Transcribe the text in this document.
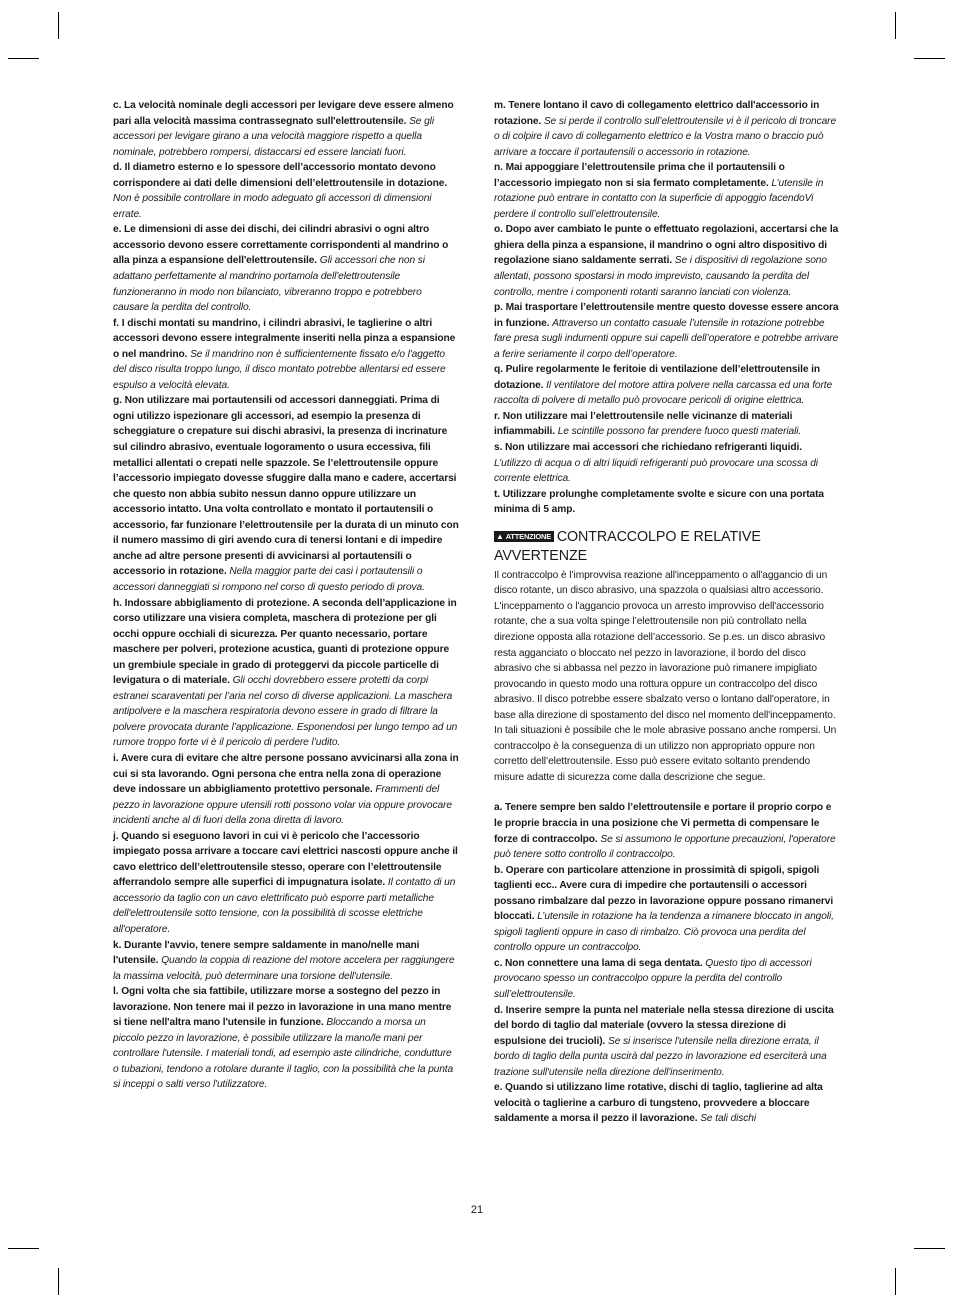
c. La velocità nominale degli accessori per levigare deve essere almeno pari alla velocità massima contrassegnato sull'elettroutensile. Se gli accessori per levigare girano a una velocità maggiore rispetto a quella nominale, potrebbero rompersi, distaccarsi ed essere lanciati fuori.

d. Il diametro esterno e lo spessore dell’accessorio montato devono corrispondere ai dati delle dimensioni dell’elettroutensile in dotazione. Non è possibile controllare in modo adeguato gli accessori di dimensioni errate.

e. Le dimensioni di asse dei dischi, dei cilindri abrasivi o ogni altro accessorio devono essere correttamente corrispondenti al mandrino o alla pinza a espansione dell'elettroutensile. Gli accessori che non si adattano perfettamente al mandrino portamola dell'elettroutensile funzioneranno in modo non bilanciato, vibreranno troppo e potrebbero causare la perdita del controllo.

f. I dischi montati su mandrino, i cilindri abrasivi, le taglierine o altri accessori devono essere integralmente inseriti nella pinza a espansione o nel mandrino. Se il mandrino non è sufficientemente fissato e/o l'aggetto del disco risulta troppo lungo, il disco montato potrebbe allentarsi ed essere espulso a velocità elevata.

g. Non utilizzare mai portautensili od accessori danneggiati. Prima di ogni utilizzo ispezionare gli accessori, ad esempio la presenza di scheggiature o crepature sui dischi abrasivi, la presenza di incrinature sul cilindro abrasivo, eventuale logoramento o usura eccessiva, fili metallici allentati o crepati nelle spazzole. Se l’elettroutensile oppure l’accessorio impiegato dovesse sfuggire dalla mano e cadere, accertarsi che questo non abbia subito nessun danno oppure utilizzare un accessorio intatto. Una volta controllato e montato il portautensili o accessorio, far funzionare l’elettroutensile per la durata di un minuto con il numero massimo di giri avendo cura di tenersi lontani e di impedire anche ad altre persone presenti di avvicinarsi al portautensili o accessorio in rotazione. Nella maggior parte dei casi i portautensili o accessori danneggiati si rompono nel corso di questo periodo di prova.

h. Indossare abbigliamento di protezione. A seconda dell’applicazione in corso utilizzare una visiera completa, maschera di protezione per gli occhi oppure occhiali di sicurezza. Per quanto necessario, portare maschere per polveri, protezione acustica, guanti di protezione oppure un grembiule speciale in grado di proteggervi da piccole particelle di levigatura o di materiale. Gli occhi dovrebbero essere protetti da corpi estranei scaraventati per l’aria nel corso di diverse applicazioni. La maschera antipolvere e la maschera respiratoria devono essere in grado di filtrare la polvere provocata durante l’applicazione. Esponendosi per lungo tempo ad un rumore troppo forte vi è il pericolo di perdere l’udito.

i. Avere cura di evitare che altre persone possano avvicinarsi alla zona in cui si sta lavorando. Ogni persona che entra nella zona di operazione deve indossare un abbigliamento protettivo personale. Frammenti del pezzo in lavorazione oppure utensili rotti possono volar via oppure provocare incidenti anche al di fuori della zona diretta di lavoro.

j. Quando si eseguono lavori in cui vi è pericolo che l’accessorio impiegato possa arrivare a toccare cavi elettrici nascosti oppure anche il cavo elettrico dell’elettroutensile stesso, operare con l’elettroutensile afferrandolo sempre alle superfici di impugnatura isolate. Il contatto di un accessorio da taglio con un cavo elettrificato può esporre parti metalliche dell'elettroutensile sotto tensione, con la possibilità di scosse elettriche all'operatore.

k. Durante l'avvio, tenere sempre saldamente in mano/nelle mani l'utensile. Quando la coppia di reazione del motore accelera per raggiungere la massima velocità, può determinare una torsione dell'utensile.

l. Ogni volta che sia fattibile, utilizzare morse a sostegno del pezzo in lavorazione. Non tenere mai il pezzo in lavorazione in una mano mentre si tiene nell'altra mano l'utensile in funzione. Bloccando a morsa un piccolo pezzo in lavorazione, è possibile utilizzare la mano/le mani per controllare l'utensile. I materiali tondi, ad esempio aste cilindriche, condutture o tubazioni, tendono a rotolare durante il taglio, con la possibilità che la punta si inceppi o salti verso l'utilizzatore.

m. Tenere lontano il cavo di collegamento elettrico dall'accessorio in rotazione. Se si perde il controllo sull’elettroutensile vi è il pericolo di troncare o di colpire il cavo di collegamento elettrico e la Vostra mano o braccio può arrivare a toccare il portautensili o accessorio in rotazione.

n. Mai appoggiare l’elettroutensile prima che il portautensili o l’accessorio impiegato non si sia fermato completamente. L’utensile in rotazione può entrare in contatto con la superficie di appoggio facendoVi perdere il controllo sull’elettroutensile.

o. Dopo aver cambiato le punte o effettuato regolazioni, accertarsi che la ghiera della pinza a espansione, il mandrino o ogni altro dispositivo di regolazione siano saldamente serrati. Se i dispositivi di regolazione sono allentati, possono spostarsi in modo imprevisto, causando la perdita del controllo, mentre i componenti rotanti saranno lanciati con violenza.

p. Mai trasportare l’elettroutensile mentre questo dovesse essere ancora in funzione. Attraverso un contatto casuale l’utensile in rotazione potrebbe fare presa sugli indumenti oppure sui capelli dell’operatore e potrebbe arrivare a ferire seriamente il corpo dell’operatore.

q. Pulire regolarmente le feritoie di ventilazione dell’elettroutensile in dotazione. Il ventilatore del motore attira polvere nella carcassa ed una forte raccolta di polvere di metallo può provocare pericoli di origine elettrica.

r. Non utilizzare mai l’elettroutensile nelle vicinanze di materiali infiammabili. Le scintille possono far prendere fuoco questi materiali.

s. Non utilizzare mai accessori che richiedano refrigeranti liquidi. L’utilizzo di acqua o di altri liquidi refrigeranti può provocare una scossa di corrente elettrica.

t. Utilizzare prolunghe completamente svolte e sicure con una portata minima di 5 amp.

▲ ATTENZIONE CONTRACCOLPO E RELATIVE AVVERTENZE

Il contraccolpo è l’improvvisa reazione all'inceppamento o all'aggancio di un disco rotante, un disco abrasivo, una spazzola o qualsiasi altro accessorio. L'inceppamento o l'aggancio provoca un arresto improvviso dell'accessorio rotante, che a sua volta spinge l’elettroutensile non più controllato nella direzione opposta alla rotazione dell’accessorio. Se p.es. un disco abrasivo resta agganciato o bloccato nel pezzo in lavorazione, il bordo del disco abrasivo che si abbassa nel pezzo in lavorazione può rimanere impigliato provocando in questo modo una rottura oppure un contraccolpo del disco abrasivo. Il disco potrebbe essere sbalzato verso o lontano dall'operatore, in base alla direzione di spostamento del disco nel momento dell'inceppamento. In tali situazioni è possibile che le mole abrasive possano anche rompersi. Un contraccolpo è la conseguenza di un utilizzo non appropriato oppure non corretto dell’elettroutensile. Esso può essere evitato soltanto prendendo misure adatte di sicurezza come dalla descrizione che segue.

a. Tenere sempre ben saldo l’elettroutensile e portare il proprio corpo e le proprie braccia in una posizione che Vi permetta di compensare le forze di contraccolpo. Se si assumono le opportune precauzioni, l'operatore può tenere sotto controllo il contraccolpo.

b. Operare con particolare attenzione in prossimità di spigoli, spigoli taglienti ecc.. Avere cura di impedire che portautensili o accessori possano rimbalzare dal pezzo in lavorazione oppure possano rimanervi bloccati. L’utensile in rotazione ha la tendenza a rimanere bloccato in angoli, spigoli taglienti oppure in caso di rimbalzo. Ciò provoca una perdita del controllo oppure un contraccolpo.

c. Non connettere una lama di sega dentata. Questo tipo di accessori provocano spesso un contraccolpo oppure la perdita del controllo sull’elettroutensile.

d. Inserire sempre la punta nel materiale nella stessa direzione di uscita del bordo di taglio dal materiale (ovvero la stessa direzione di espulsione dei trucioli). Se si inserisce l'utensile nella direzione errata, il bordo di taglio della punta uscirà dal pezzo in lavorazione ed eserciterà una trazione sull'utensile nella direzione dell'inserimento.

e. Quando si utilizzano lime rotative, dischi di taglio, taglierine ad alta velocità o taglierine a carburo di tungsteno, provvedere a bloccare saldamente a morsa il pezzo il lavorazione. Se tali dischi

21
